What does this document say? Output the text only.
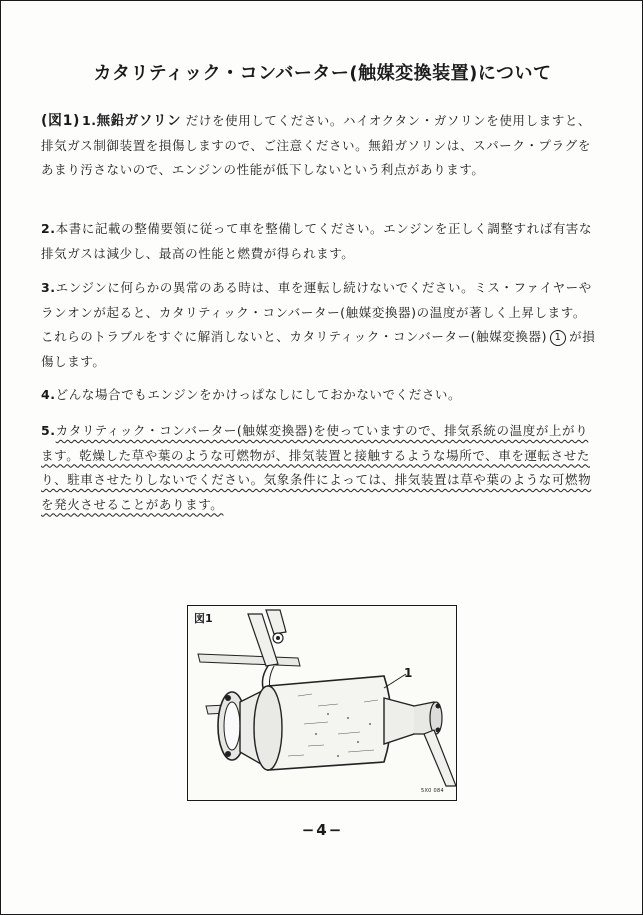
カタリティック・コンバーター(触媒変換装置)について
(図1) 1.無鉛ガソリン だけを使用してください。ハイオクタン・ガソリンを使用しますと、排気ガス制御装置を損傷しますので、ご注意ください。無鉛ガソリンは、スパーク・プラグをあまり汚さないので、エンジンの性能が低下しないという利点があります。
2.本書に記載の整備要領に従って車を整備してください。エンジンを正しく調整すれば有害な排気ガスは減少し、最高の性能と燃費が得られます。
3.エンジンに何らかの異常のある時は、車を運転し続けないでください。ミス・ファイヤーやランオンが起ると、カタリティック・コンバーター(触媒変換器)の温度が著しく上昇します。これらのトラブルをすぐに解消しないと、カタリティック・コンバーター(触媒変換器) 1 が損傷します。
4.どんな場合でもエンジンをかけっぱなしにしておかないでください。
5.カタリティック・コンバーター(触媒変換器)を使っていますので、排気系統の温度が上がります。乾燥した草や葉のような可燃物が、排気装置と接触するような場所で、車を運転させたり、駐車させたりしないでください。気象条件によっては、排気装置は草や葉のような可燃物を発火させることがあります。
図1
1
5X0 084
−4−
